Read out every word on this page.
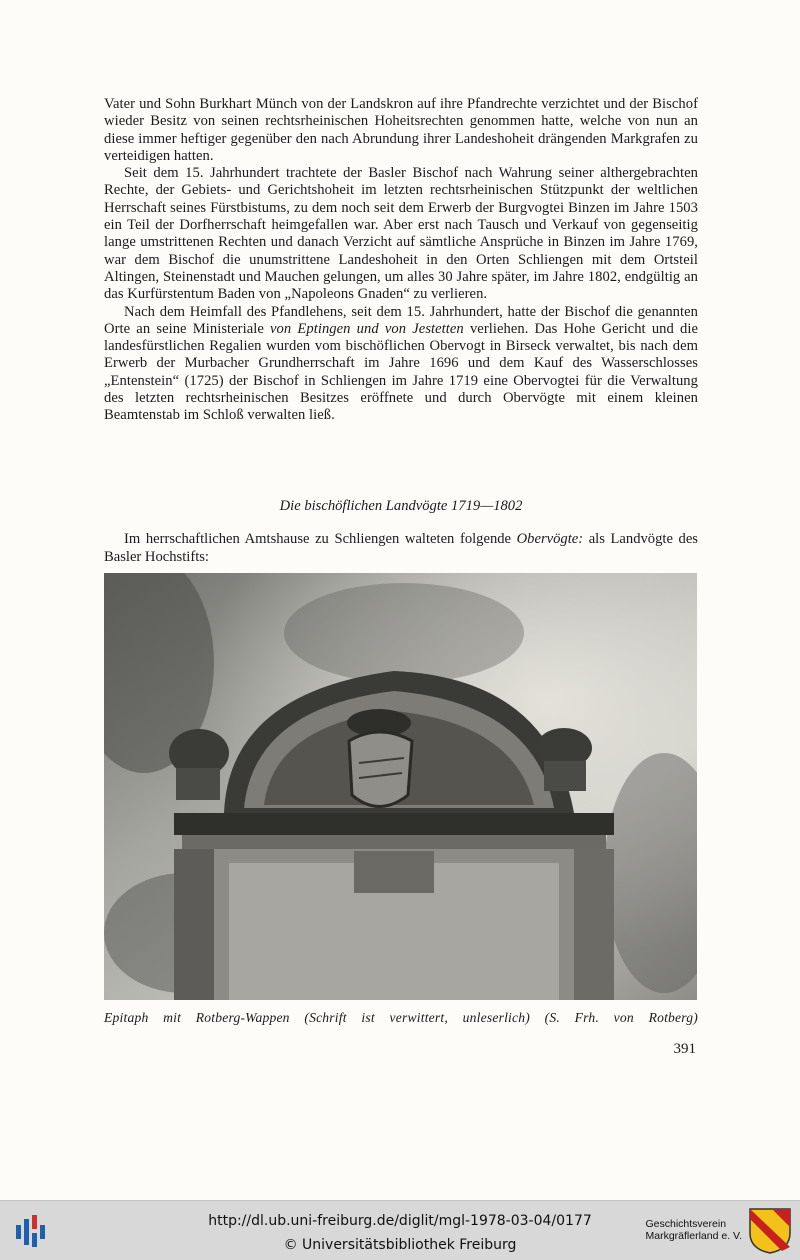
Vater und Sohn Burkhart Münch von der Landskron auf ihre Pfandrechte verzichtet und der Bischof wieder Besitz von seinen rechtsrheinischen Hoheitsrechten genommen hatte, welche von nun an diese immer heftiger gegenüber den nach Abrundung ihrer Landeshoheit drängenden Markgrafen zu verteidigen hatten.

Seit dem 15. Jahrhundert trachtete der Basler Bischof nach Wahrung seiner althergebrachten Rechte, der Gebiets- und Gerichtshoheit im letzten rechtsrheinischen Stützpunkt der weltlichen Herrschaft seines Fürstbistums, zu dem noch seit dem Erwerb der Burgvogtei Binzen im Jahre 1503 ein Teil der Dorfherrschaft heimgefallen war. Aber erst nach Tausch und Verkauf von gegenseitig lange umstrittenen Rechten und danach Verzicht auf sämtliche Ansprüche in Binzen im Jahre 1769, war dem Bischof die unumstrittene Landeshoheit in den Orten Schliengen mit dem Ortsteil Altingen, Steinenstadt und Mauchen gelungen, um alles 30 Jahre später, im Jahre 1802, endgültig an das Kurfürstentum Baden von „Napoleons Gnaden“ zu verlieren.

Nach dem Heimfall des Pfandlehens, seit dem 15. Jahrhundert, hatte der Bischof die genannten Orte an seine Ministeriale von Eptingen und von Jestetten verliehen. Das Hohe Gericht und die landesfürstlichen Regalien wurden vom bischöflichen Obervogt in Birseck verwaltet, bis nach dem Erwerb der Murbacher Grundherrschaft im Jahre 1696 und dem Kauf des Wasserschlosses „Entenstein“ (1725) der Bischof in Schliengen im Jahre 1719 eine Obervogtei für die Verwaltung des letzten rechtsrheinischen Besitzes eröffnete und durch Obervögte mit einem kleinen Beamtenstab im Schloß verwalten ließ.

Die bischöflichen Landvögte 1719—1802
Im herrschaftlichen Amtshause zu Schliengen walteten folgende Obervögte: als Landvögte des Basler Hochstifts:
Epitaph mit Rotberg-Wappen (Schrift ist verwittert, unleserlich) (S. Frh. von Rotberg)
391
http://dl.ub.uni-freiburg.de/diglit/mgl-1978-03-04/0177
© Universitätsbibliothek Freiburg
Geschichtsverein
Markgräflerland e. V.
